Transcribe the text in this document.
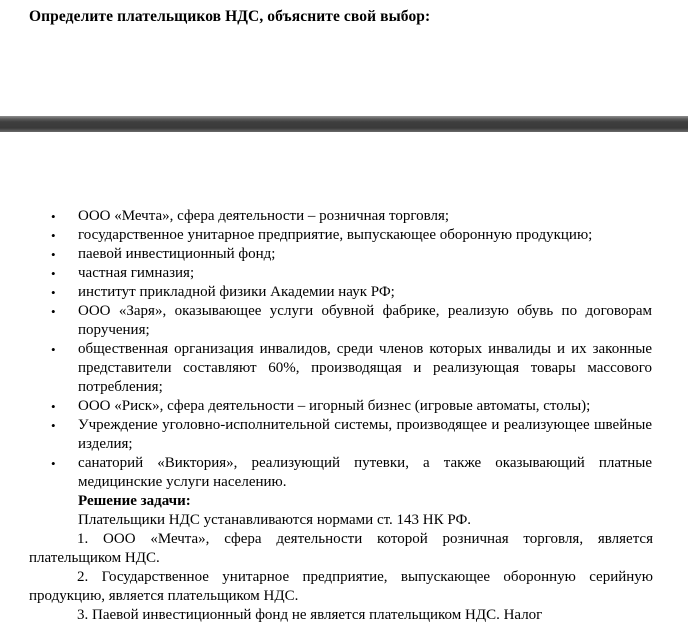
Определите плательщиков НДС, объясните свой выбор:
• ООО «Мечта», сфера деятельности – розничная торговля;
• государственное унитарное предприятие, выпускающее оборонную продукцию;
• паевой инвестиционный фонд;
• частная гимназия;
• институт прикладной физики Академии наук РФ;
• ООО «Заря», оказывающее услуги обувной фабрике, реализую обувь по договорам поручения;
• общественная организация инвалидов, среди членов которых инвалиды и их законные представители составляют 60%, производящая и реализующая товары массового потребления;
• ООО «Риск», сфера деятельности – игорный бизнес (игровые автоматы, столы);
• Учреждение уголовно-исполнительной системы, производящее и реализующее швейные изделия;
• санаторий «Виктория», реализующий путевки, а также оказывающий платные медицинские услуги населению.
Решение задачи:
Плательщики НДС устанавливаются нормами ст. 143 НК РФ.
1. ООО «Мечта», сфера деятельности которой розничная торговля, является плательщиком НДС.
2. Государственное унитарное предприятие, выпускающее оборонную серийную продукцию, является плательщиком НДС.
3. Паевой инвестиционный фонд не является плательщиком НДС. Налог
